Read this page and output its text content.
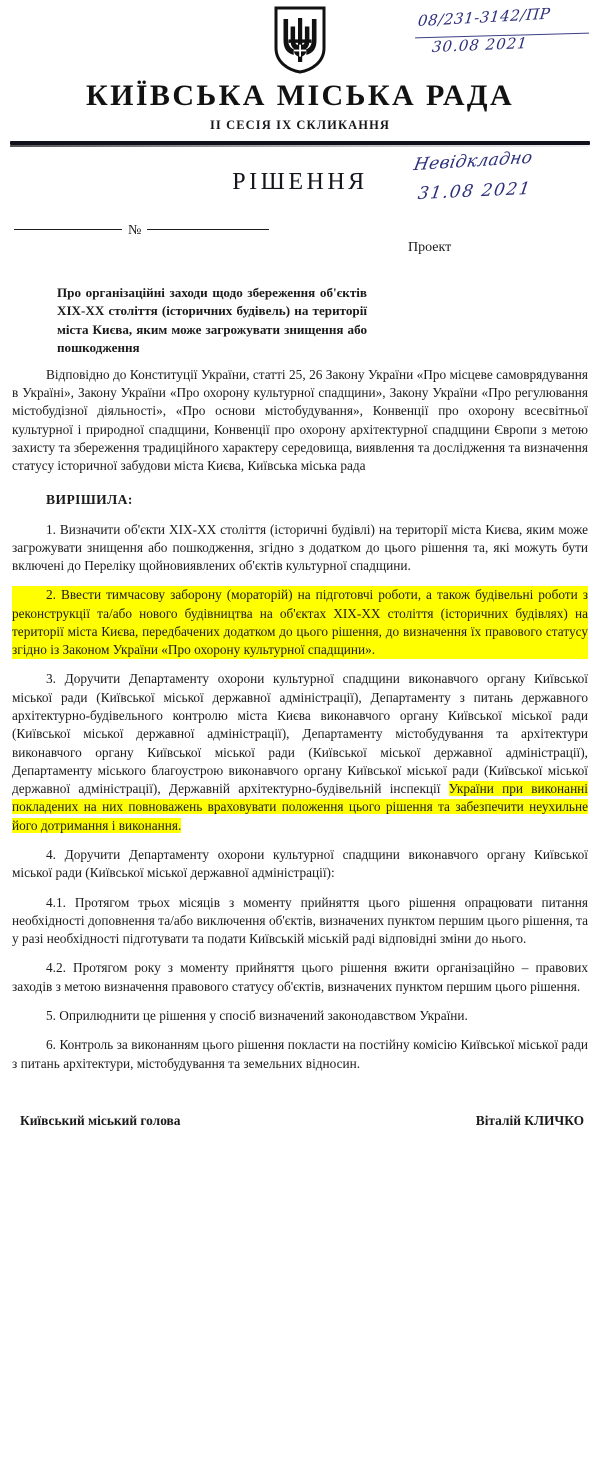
КИЇВСЬКА МІСЬКА РАДА
II СЕСІЯ IX СКЛИКАННЯ
РІШЕННЯ
№
Проект
08/231-3142/ПР
30.08 2021
Невідкладно
31.08 2021
Про організаційні заходи щодо збереження об'єктів XIX-XX століття (історичних будівель) на території міста Києва, яким може загрожувати знищення або пошкодження

Відповідно до Конституції України, статті 25, 26 Закону України «Про місцеве самоврядування в Україні», Закону України «Про охорону культурної спадщини», Закону України «Про регулювання містобудізної діяльності», «Про основи містобудування», Конвенції про охорону всесвітньої культурної і природної спадщини, Конвенції про охорону архітектурної спадщини Європи з метою захисту та збереження традиційного характеру середовища, виявлення та дослідження та визначення статусу історичної забудови міста Києва, Київська міська рада

ВИРІШИЛА:

1. Визначити об'єкти XIX-XX століття (історичні будівлі) на території міста Києва, яким може загрожувати знищення або пошкодження, згідно з додатком до цього рішення та, які можуть бути включені до Переліку щойновиявлених об'єктів культурної спадщини.

2. Ввести тимчасову заборону (мораторій) на підготовчі роботи, а також будівельні роботи з реконструкції та/або нового будівництва на об'єктах XIX-XX століття (історичних будівлях) на території міста Києва, передбачених додатком до цього рішення, до визначення їх правового статусу згідно із Законом України «Про охорону культурної спадщини».

3. Доручити Департаменту охорони культурної спадщини виконавчого органу Київської міської ради (Київської міської державної адміністрації), Департаменту з питань державного архітектурно-будівельного контролю міста Києва виконавчого органу Київської міської ради (Київської міської державної адміністрації), Департаменту містобудування та архітектури виконавчого органу Київської міської ради (Київської міської державної адміністрації), Департаменту міського благоустрою виконавчого органу Київської міської ради (Київської міської державної адміністрації), Державній архітектурно-будівельній інспекції України при виконанні покладених на них повноважень враховувати положення цього рішення та забезпечити неухильне його дотримання і виконання.

4. Доручити Департаменту охорони культурної спадщини виконавчого органу Київської міської ради (Київської міської державної адміністрації):

4.1. Протягом трьох місяців з моменту прийняття цього рішення опрацювати питання необхідності доповнення та/або виключення об'єктів, визначених пунктом першим цього рішення, та у разі необхідності підготувати та подати Київській міській раді відповідні зміни до нього.

4.2. Протягом року з моменту прийняття цього рішення вжити організаційно – правових заходів з метою визначення правового статусу об'єктів, визначених пунктом першим цього рішення.

5. Оприлюднити це рішення у спосіб визначений законодавством України.

6. Контроль за виконанням цього рішення покласти на постійну комісію Київської міської ради з питань архітектури, містобудування та земельних відносин.

Київський міський голова	Віталій КЛИЧКО
